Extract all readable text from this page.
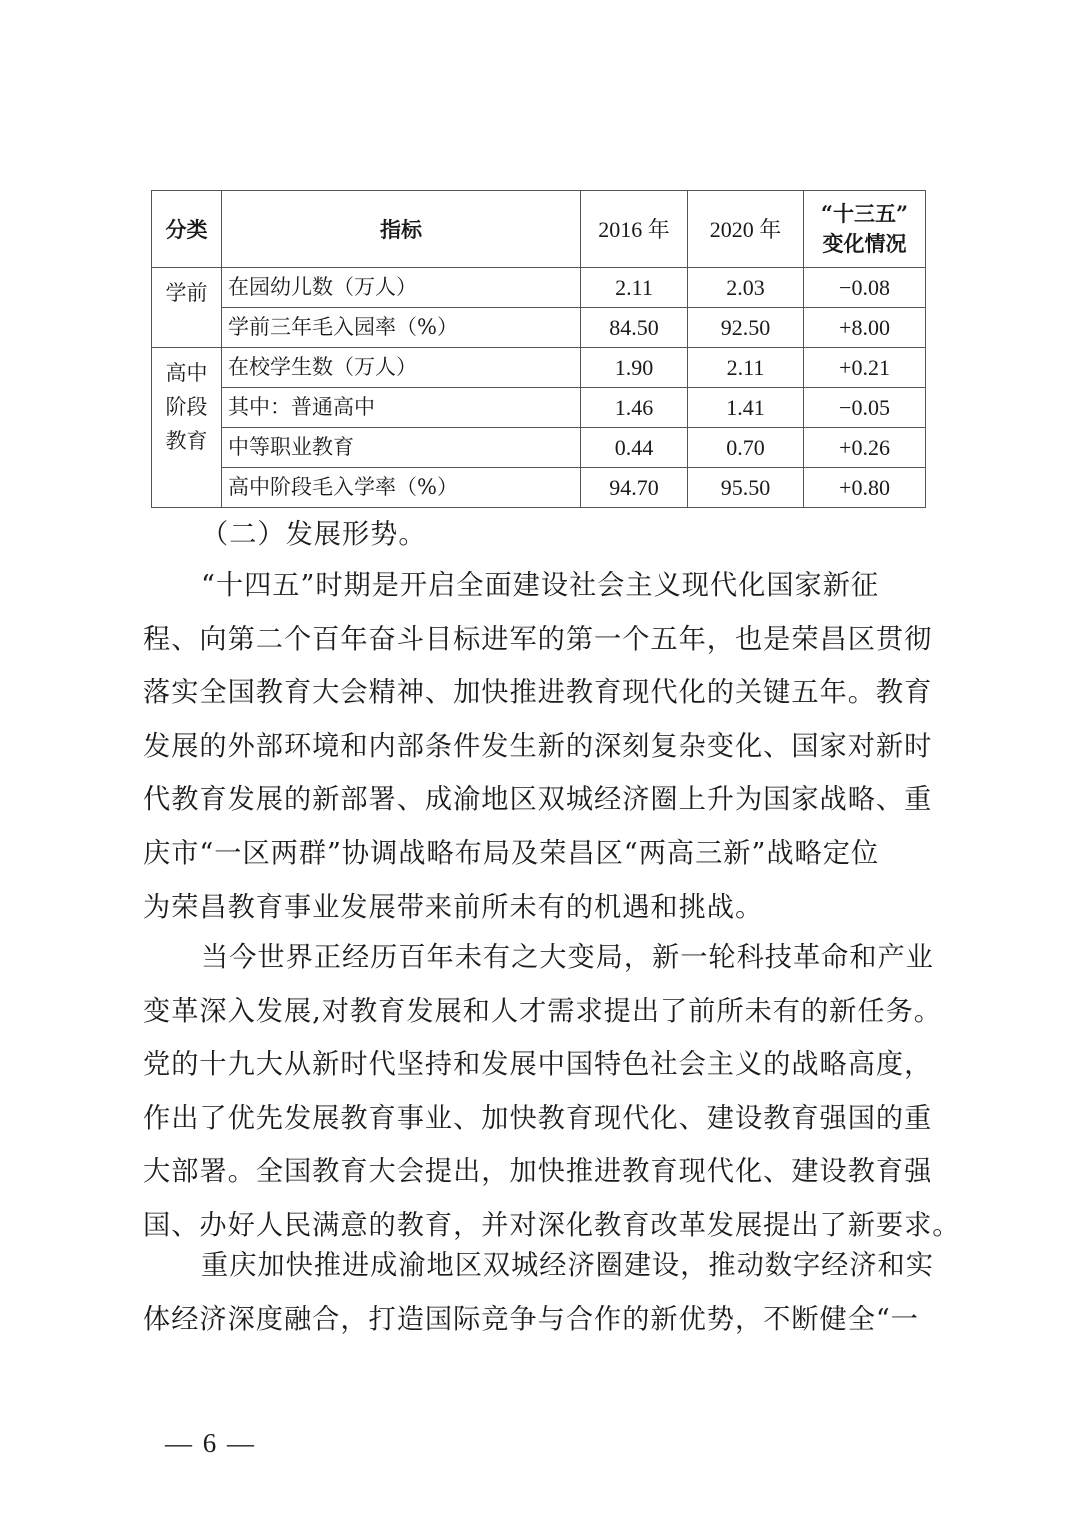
分类	指标	2016 年	2020 年	“十三五”
变化情况

学前	在园幼儿数（万人）	2.11	2.03	−0.08
	学前三年毛入园率（%）	84.50	92.50	+8.00

高中
阶段
教育	在校学生数（万人）	1.90	2.11	+0.21
	其中：普通高中	1.46	1.41	−0.05
	中等职业教育	0.44	0.70	+0.26
	高中阶段毛入学率（%）	94.70	95.50	+0.80

（二）发展形势。

“十四五”时期是开启全面建设社会主义现代化国家新征
程、向第二个百年奋斗目标进军的第一个五年，也是荣昌区贯彻
落实全国教育大会精神、加快推进教育现代化的关键五年。教育
发展的外部环境和内部条件发生新的深刻复杂变化、国家对新时
代教育发展的新部署、成渝地区双城经济圈上升为国家战略、重
庆市“一区两群”协调战略布局及荣昌区“两高三新”战略定位
为荣昌教育事业发展带来前所未有的机遇和挑战。

当今世界正经历百年未有之大变局，新一轮科技革命和产业
变革深入发展,对教育发展和人才需求提出了前所未有的新任务。
党的十九大从新时代坚持和发展中国特色社会主义的战略高度，
作出了优先发展教育事业、加快教育现代化、建设教育强国的重
大部署。全国教育大会提出，加快推进教育现代化、建设教育强
国、办好人民满意的教育，并对深化教育改革发展提出了新要求。

重庆加快推进成渝地区双城经济圈建设，推动数字经济和实
体经济深度融合，打造国际竞争与合作的新优势，不断健全“一

— 6 —
